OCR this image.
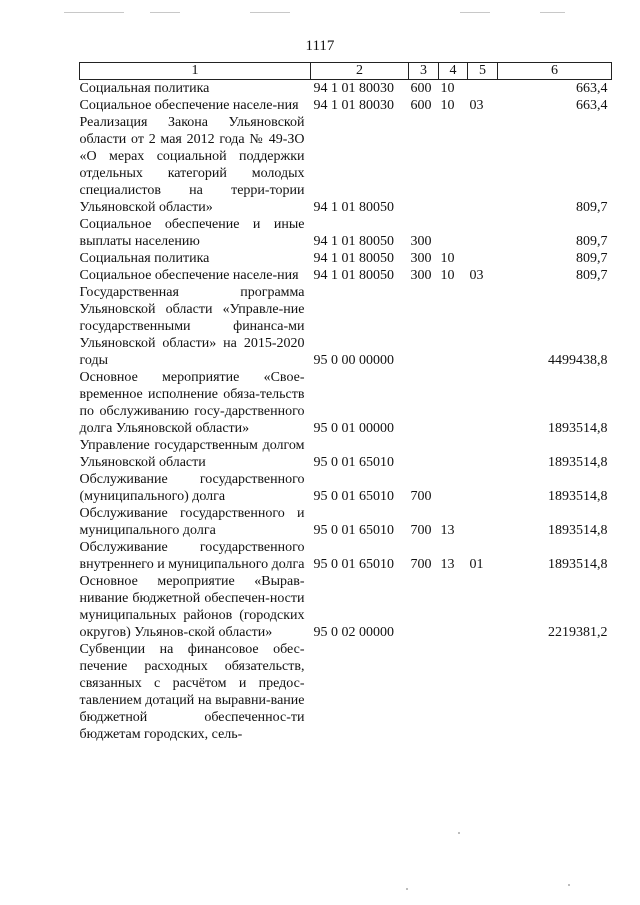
1117
1	2	3	4	5	6
Социальная политика	94 1 01 80030	600	10		663,4
Социальное обеспечение населе-ния	94 1 01 80030	600	10	03	663,4
Реализация Закона Ульяновской области от 2 мая 2012 года № 49-ЗО «О мерах социальной поддержки отдельных категорий молодых специалистов на терри-тории Ульяновской области»	94 1 01 80050				809,7
Социальное обеспечение и иные выплаты населению	94 1 01 80050	300			809,7
Социальная политика	94 1 01 80050	300	10		809,7
Социальное обеспечение населе-ния	94 1 01 80050	300	10	03	809,7
Государственная программа Ульяновской области «Управле-ние государственными финанса-ми Ульяновской области» на 2015-2020 годы	95 0 00 00000				4499438,8
Основное мероприятие «Свое-временное исполнение обяза-тельств по обслуживанию госу-дарственного долга Ульяновской области»	95 0 01 00000				1893514,8
Управление государственным долгом Ульяновской области	95 0 01 65010				1893514,8
Обслуживание государственного (муниципального) долга	95 0 01 65010	700			1893514,8
Обслуживание государственного и муниципального долга	95 0 01 65010	700	13		1893514,8
Обслуживание государственного внутреннего и муниципального долга	95 0 01 65010	700	13	01	1893514,8
Основное мероприятие «Вырав-нивание бюджетной обеспечен-ности муниципальных районов (городских округов) Ульянов-ской области»	95 0 02 00000				2219381,2
Субвенции на финансовое обес-печение расходных обязательств, связанных с расчётом и предос-тавлением дотаций на выравни-вание бюджетной обеспеченнос-ти бюджетам городских, сель-					
